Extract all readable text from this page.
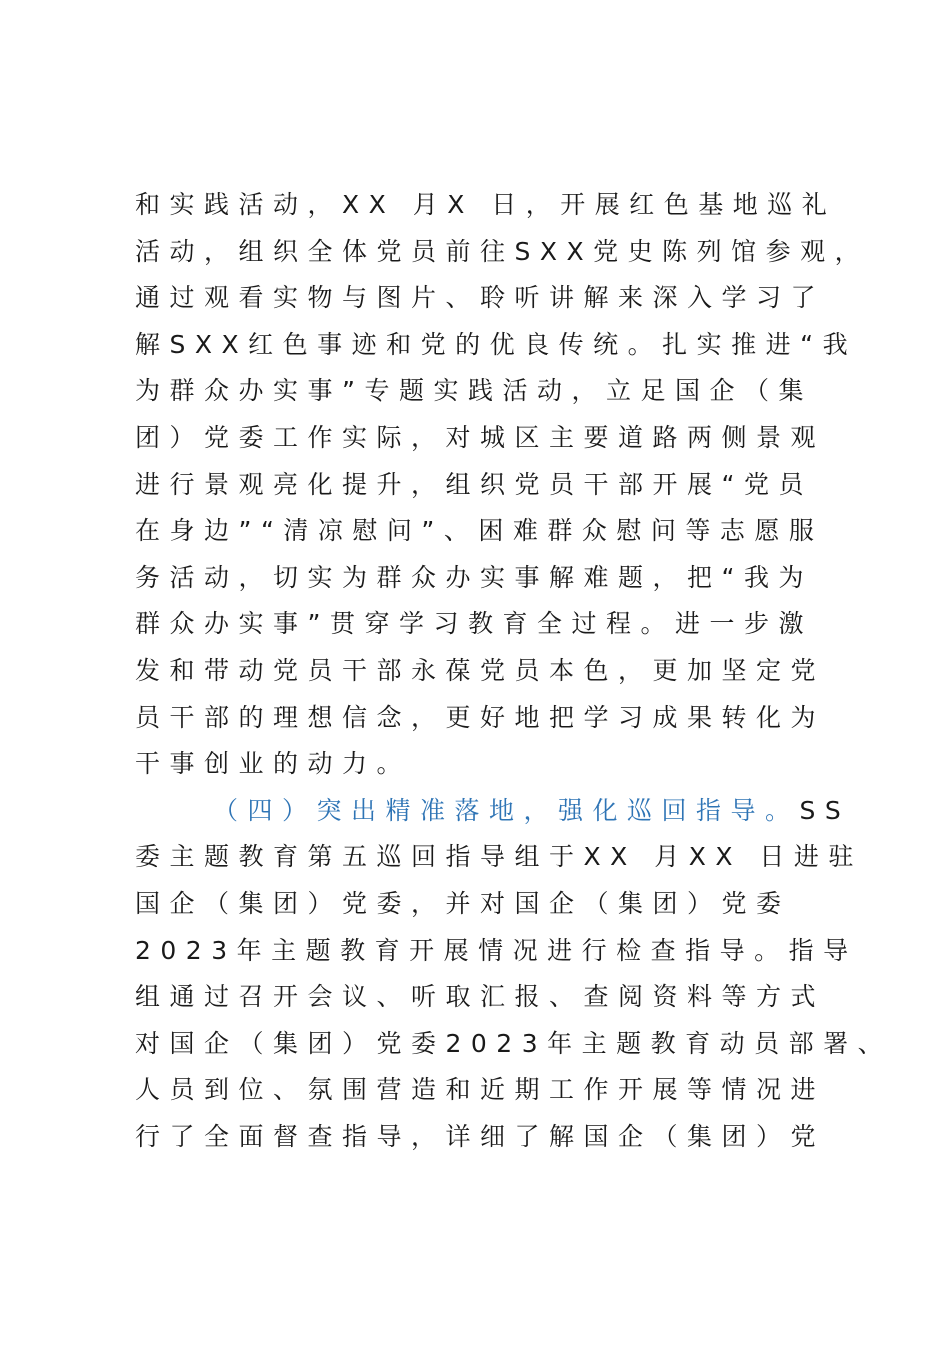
和实践活动，XX 月X 日，开展红色基地巡礼
活动，组织全体党员前往SXX党史陈列馆参观，
通过观看实物与图片、聆听讲解来深入学习了
解SXX红色事迹和党的优良传统。扎实推进“我
为群众办实事”专题实践活动，立足国企（集
团）党委工作实际，对城区主要道路两侧景观
进行景观亮化提升，组织党员干部开展“党员
在身边”“清凉慰问”、困难群众慰问等志愿服
务活动，切实为群众办实事解难题，把“我为
群众办实事”贯穿学习教育全过程。进一步激
发和带动党员干部永葆党员本色，更加坚定党
员干部的理想信念，更好地把学习成果转化为
干事创业的动力。
（四）突出精准落地，强化巡回指导。SS
委主题教育第五巡回指导组于XX 月XX 日进驻
国企（集团）党委，并对国企（集团）党委
2023年主题教育开展情况进行检查指导。指导
组通过召开会议、听取汇报、查阅资料等方式
对国企（集团）党委2023年主题教育动员部署、
人员到位、氛围营造和近期工作开展等情况进
行了全面督查指导，详细了解国企（集团）党
